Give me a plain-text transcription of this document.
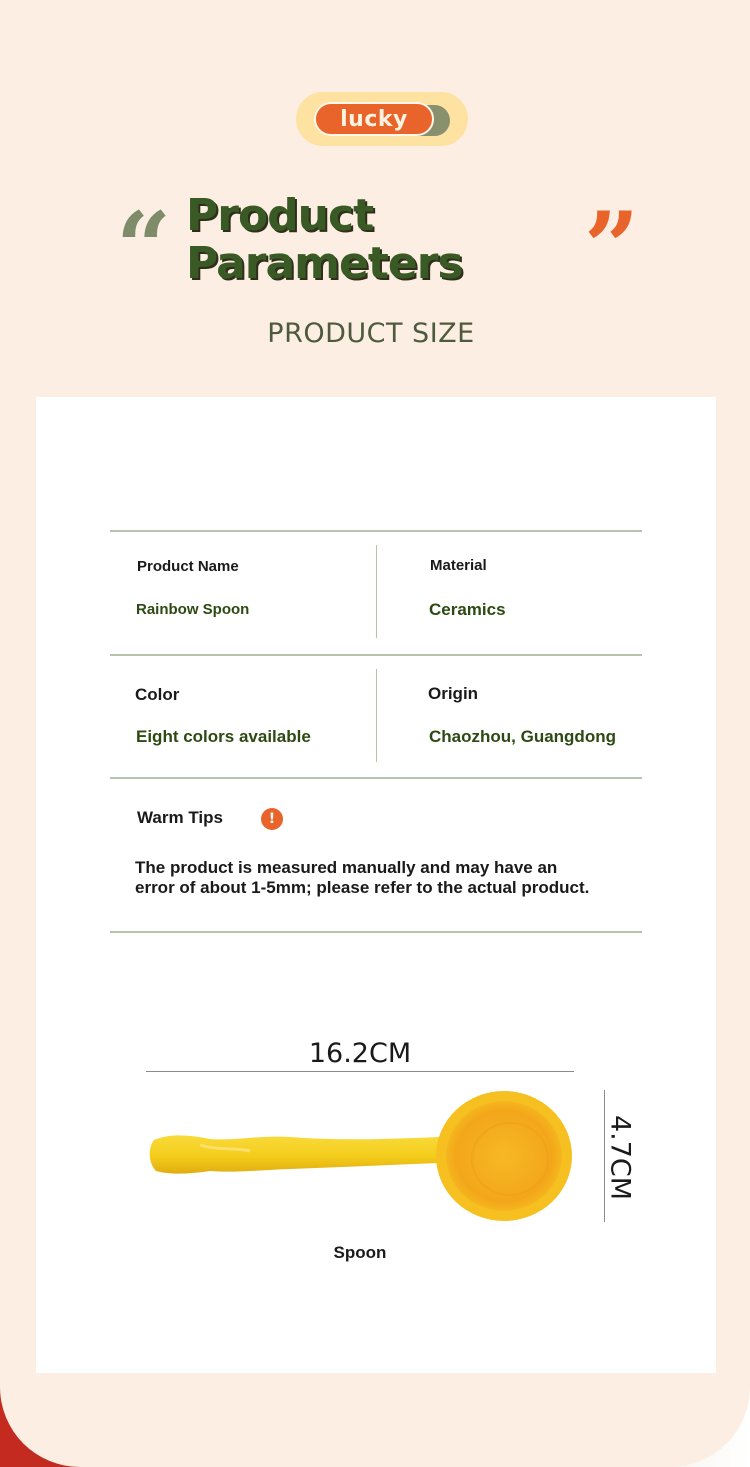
lucky
“ Product
Parameters ”
PRODUCT SIZE
Product Name
Rainbow Spoon
Material
Ceramics
Color
Eight colors available
Origin
Chaozhou, Guangdong
Warm Tips	!
The product is measured manually and may have an error of about 1-5mm; please refer to the actual product.
16.2CM
4.7CM
Spoon
